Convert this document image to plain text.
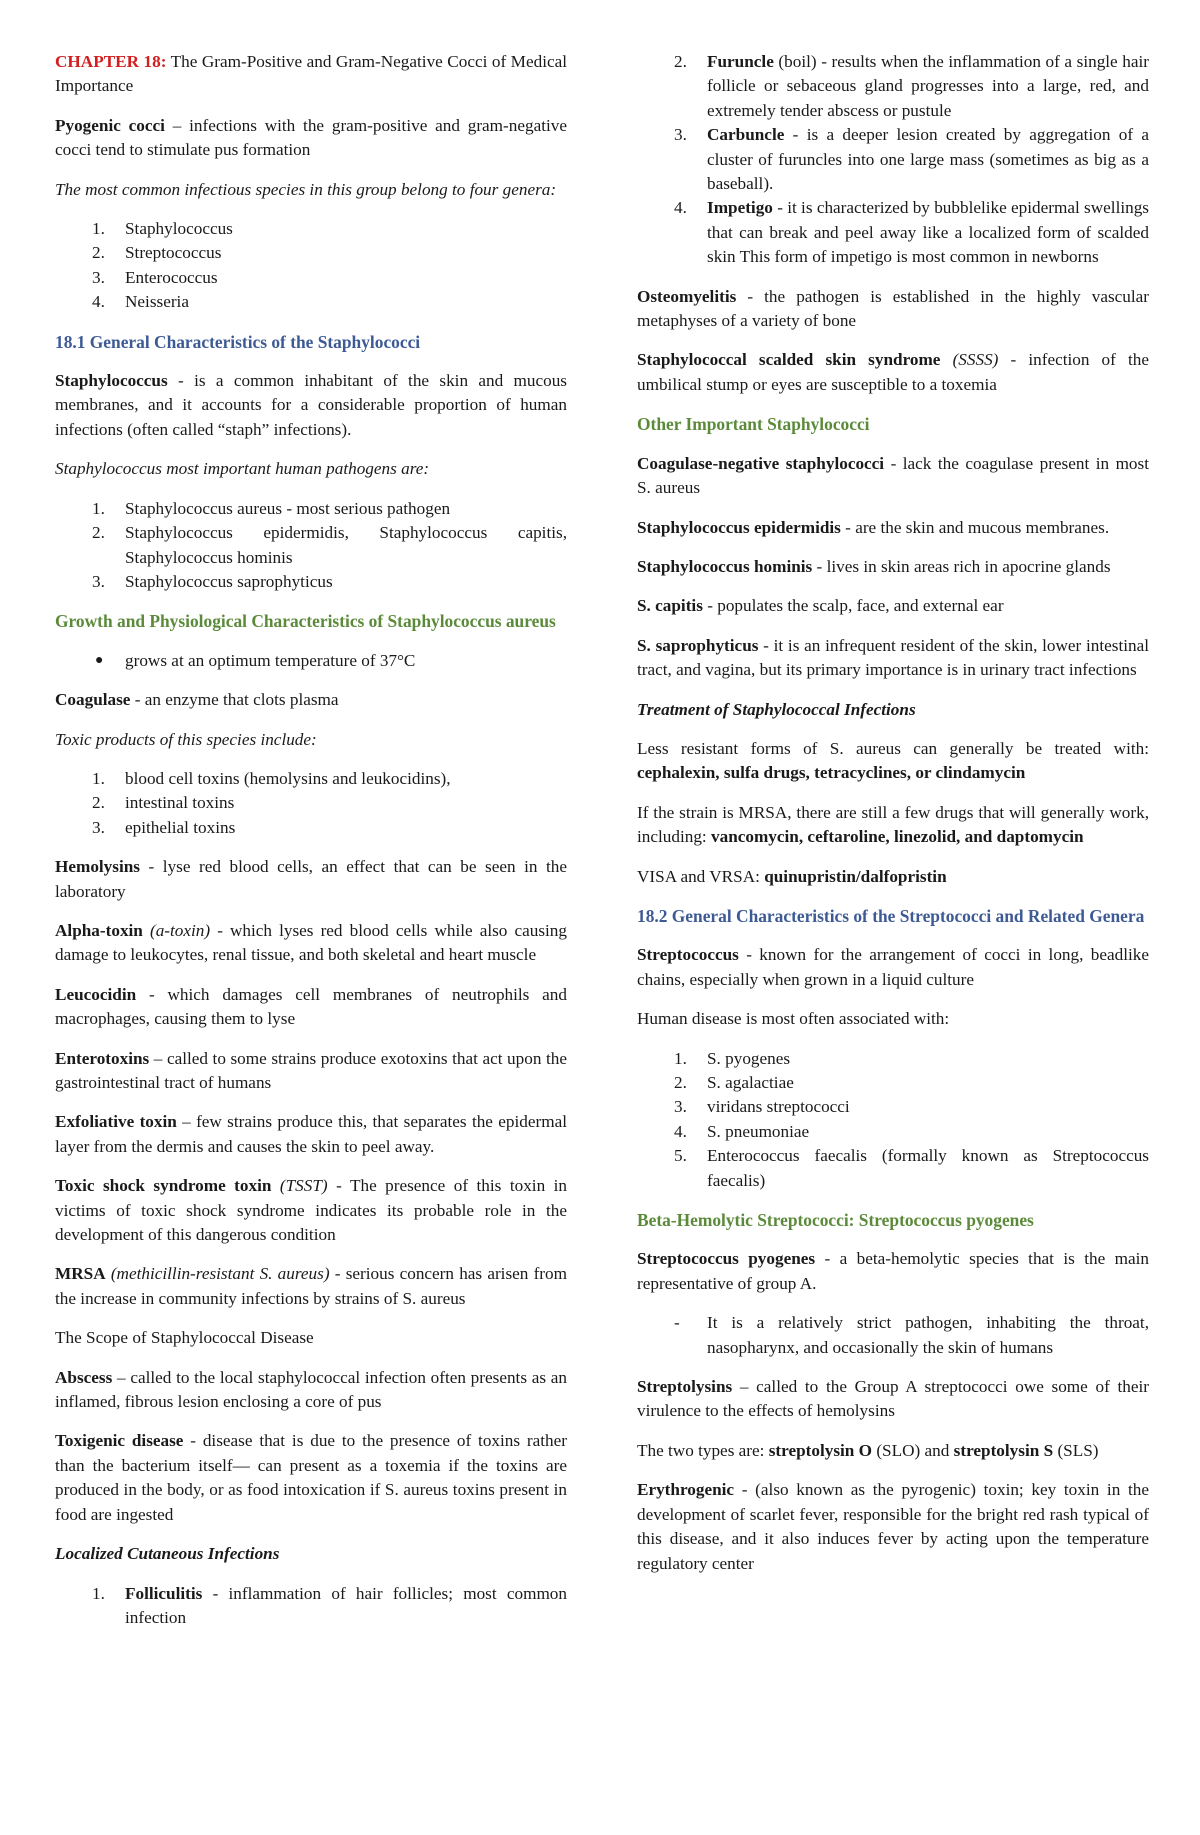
CHAPTER 18: The Gram-Positive and Gram-Negative Cocci of Medical Importance

Pyogenic cocci – infections with the gram-positive and gram-negative cocci tend to stimulate pus formation

The most common infectious species in this group belong to four genera:

1. Staphylococcus
2. Streptococcus
3. Enterococcus
4. Neisseria
18.1 General Characteristics of the Staphylococci

Staphylococcus - is a common inhabitant of the skin and mucous membranes, and it accounts for a considerable proportion of human infections (often called “staph” infections).

Staphylococcus most important human pathogens are:

1. Staphylococcus aureus - most serious pathogen
2. Staphylococcus epidermidis, Staphylococcus capitis, Staphylococcus hominis
3. Staphylococcus saprophyticus
Growth and Physiological Characteristics of Staphylococcus aureus
● grows at an optimum temperature of 37°C

Coagulase - an enzyme that clots plasma

Toxic products of this species include:

1. blood cell toxins (hemolysins and leukocidins),
2. intestinal toxins
3. epithelial toxins

Hemolysins - lyse red blood cells, an effect that can be seen in the laboratory

Alpha-toxin (a-toxin) - which lyses red blood cells while also causing damage to leukocytes, renal tissue, and both skeletal and heart muscle

Leucocidin - which damages cell membranes of neutrophils and macrophages, causing them to lyse

Enterotoxins – called to some strains produce exotoxins that act upon the gastrointestinal tract of humans

Exfoliative toxin – few strains produce this, that separates the epidermal layer from the dermis and causes the skin to peel away.

Toxic shock syndrome toxin (TSST) - The presence of this toxin in victims of toxic shock syndrome indicates its probable role in the development of this dangerous condition

MRSA (methicillin-resistant S. aureus) - serious concern has arisen from the increase in community infections by strains of S. aureus

The Scope of Staphylococcal Disease

Abscess – called to the local staphylococcal infection often presents as an inflamed, fibrous lesion enclosing a core of pus

Toxigenic disease - disease that is due to the presence of toxins rather than the bacterium itself— can present as a toxemia if the toxins are produced in the body, or as food intoxication if S. aureus toxins present in food are ingested

Localized Cutaneous Infections

1. Folliculitis - inflammation of hair follicles; most common infection
2. Furuncle (boil) - results when the inflammation of a single hair follicle or sebaceous gland progresses into a large, red, and extremely tender abscess or pustule
3. Carbuncle - is a deeper lesion created by aggregation of a cluster of furuncles into one large mass (sometimes as big as a baseball).
4. Impetigo - it is characterized by bubblelike epidermal swellings that can break and peel away like a localized form of scalded skin This form of impetigo is most common in newborns

Osteomyelitis - the pathogen is established in the highly vascular metaphyses of a variety of bone

Staphylococcal scalded skin syndrome (SSSS) - infection of the umbilical stump or eyes are susceptible to a toxemia

Other Important Staphylococci

Coagulase-negative staphylococci - lack the coagulase present in most S. aureus

Staphylococcus epidermidis - are the skin and mucous membranes.

Staphylococcus hominis - lives in skin areas rich in apocrine glands

S. capitis - populates the scalp, face, and external ear

S. saprophyticus - it is an infrequent resident of the skin, lower intestinal tract, and vagina, but its primary importance is in urinary tract infections

Treatment of Staphylococcal Infections

Less resistant forms of S. aureus can generally be treated with: cephalexin, sulfa drugs, tetracyclines, or clindamycin

If the strain is MRSA, there are still a few drugs that will generally work, including: vancomycin, ceftaroline, linezolid, and daptomycin

VISA and VRSA: quinupristin/dalfopristin

18.2 General Characteristics of the Streptococci and Related Genera

Streptococcus - known for the arrangement of cocci in long, beadlike chains, especially when grown in a liquid culture

Human disease is most often associated with:

1. S. pyogenes
2. S. agalactiae
3. viridans streptococci
4. S. pneumoniae
5. Enterococcus faecalis (formally known as Streptococcus faecalis)
Beta-Hemolytic Streptococci: Streptococcus pyogenes

Streptococcus pyogenes - a beta-hemolytic species that is the main representative of group A.

- It is a relatively strict pathogen, inhabiting the throat, nasopharynx, and occasionally the skin of humans

Streptolysins – called to the Group A streptococci owe some of their virulence to the effects of hemolysins

The two types are: streptolysin O (SLO) and streptolysin S (SLS)

Erythrogenic - (also known as the pyrogenic) toxin; key toxin in the development of scarlet fever, responsible for the bright red rash typical of this disease, and it also induces fever by acting upon the temperature regulatory center
